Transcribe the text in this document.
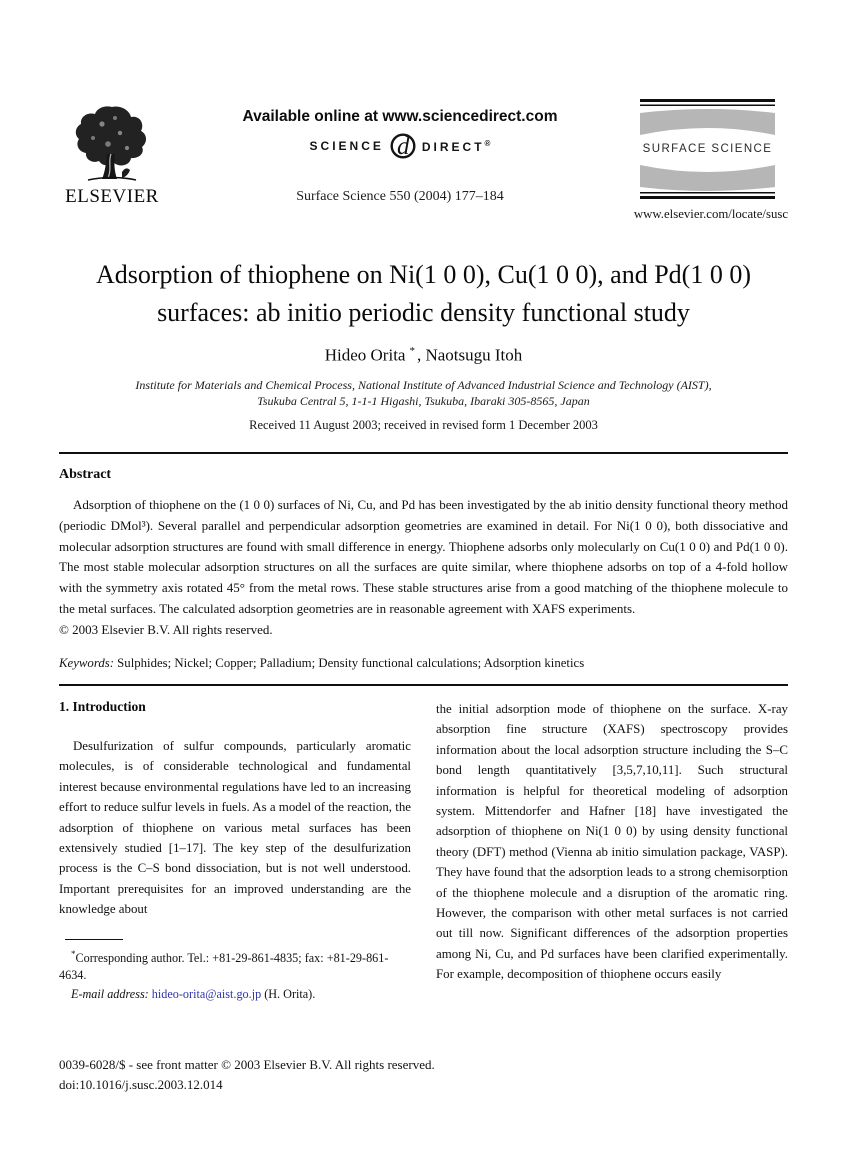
ELSEVIER
Available online at www.sciencedirect.com
SCIENCE d DIRECT®
Surface Science 550 (2004) 177–184
SURFACE SCIENCE
www.elsevier.com/locate/susc
Adsorption of thiophene on Ni(1 0 0), Cu(1 0 0), and Pd(1 0 0)
surfaces: ab initio periodic density functional study
Hideo Orita * , Naotsugu Itoh
Institute for Materials and Chemical Process, National Institute of Advanced Industrial Science and Technology (AIST),
Tsukuba Central 5, 1-1-1 Higashi, Tsukuba, Ibaraki 305-8565, Japan
Received 11 August 2003; received in revised form 1 December 2003
Abstract

Adsorption of thiophene on the (1 0 0) surfaces of Ni, Cu, and Pd has been investigated by the ab initio density functional theory method (periodic DMol³). Several parallel and perpendicular adsorption geometries are examined in detail. For Ni(1 0 0), both dissociative and molecular adsorption structures are found with small difference in energy. Thiophene adsorbs only molecularly on Cu(1 0 0) and Pd(1 0 0). The most stable molecular adsorption structures on all the surfaces are quite similar, where thiophene adsorbs on top of a 4-fold hollow with the symmetry axis rotated 45° from the metal rows. These stable structures arise from a good matching of the thiophene molecule to the metal surfaces. The calculated adsorption geometries are in reasonable agreement with XAFS experiments.

© 2003 Elsevier B.V. All rights reserved.

Keywords: Sulphides; Nickel; Copper; Palladium; Density functional calculations; Adsorption kinetics

1. Introduction

Desulfurization of sulfur compounds, particularly aromatic molecules, is of considerable technological and fundamental interest because environmental regulations have led to an increasing effort to reduce sulfur levels in fuels. As a model of the reaction, the adsorption of thiophene on various metal surfaces has been extensively studied [1–17]. The key step of the desulfurization process is the C–S bond dissociation, but is not well understood. Important prerequisites for an improved understanding are the knowledge about

*Corresponding author. Tel.: +81-29-861-4835; fax: +81-29-861-4634.

E-mail address: hideo-orita@aist.go.jp (H. Orita).

the initial adsorption mode of thiophene on the surface. X-ray absorption fine structure (XAFS) spectroscopy provides information about the local adsorption structure including the S–C bond length quantitatively [3,5,7,10,11]. Such structural information is helpful for theoretical modeling of adsorption system. Mittendorfer and Hafner [18] have investigated the adsorption of thiophene on Ni(1 0 0) by using density functional theory (DFT) method (Vienna ab initio simulation package, VASP). They have found that the adsorption leads to a strong chemisorption of the thiophene molecule and a disruption of the aromatic ring. However, the comparison with other metal surfaces is not carried out till now. Significant differences of the adsorption properties among Ni, Cu, and Pd surfaces have been clarified experimentally. For example, decomposition of thiophene occurs easily

0039-6028/$ - see front matter © 2003 Elsevier B.V. All rights reserved.

doi:10.1016/j.susc.2003.12.014
